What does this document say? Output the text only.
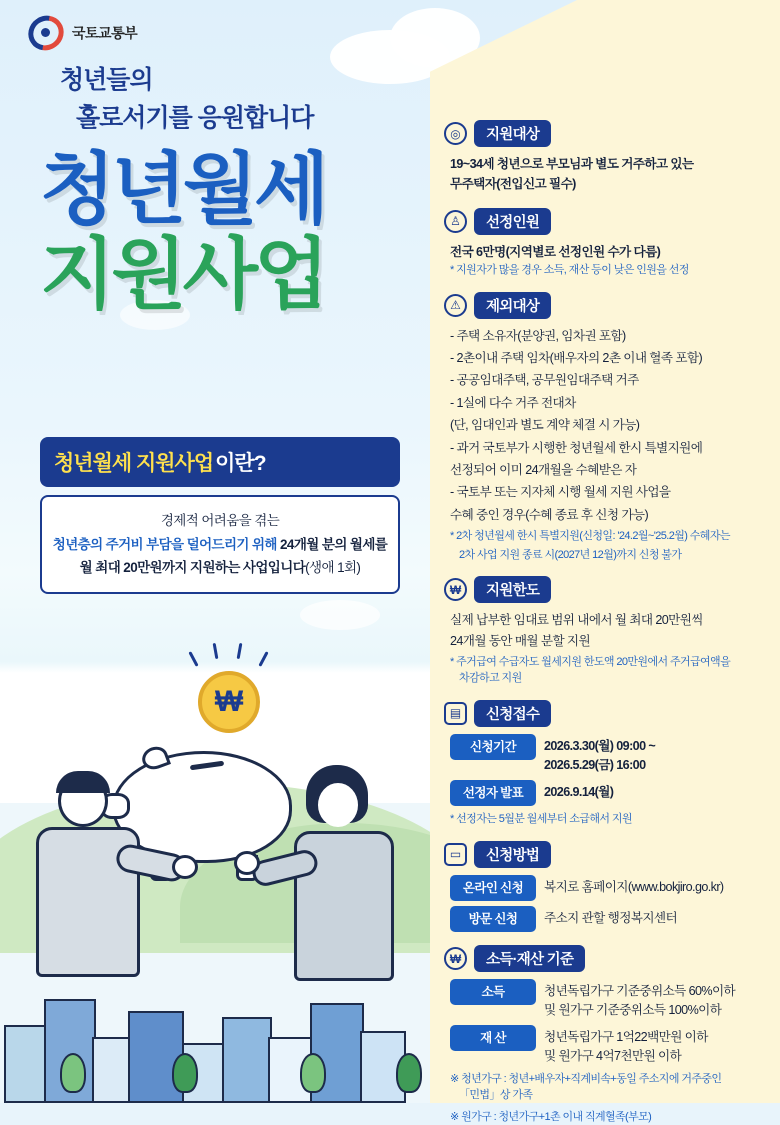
국토교통부
청년들의
홀로서기를 응원합니다
청년월세
지원사업
청년월세 지원사업 이란?
경제적 어려움을 겪는
청년층의 주거비 부담을 덜어드리기 위해 24개월 분의 월세를
월 최대 20만원까지 지원하는 사업입니다(생애 1회)
₩
◎	지원대상
19~34세 청년으로 부모님과 별도 거주하고 있는
무주택자(전입신고 필수)
♙	선정인원
전국 6만명(지역별로 선정인원 수가 다름)
* 지원자가 많을 경우 소득, 재산 등이 낮은 인원을 선정
⚠	제외대상
- 주택 소유자(분양권, 임차권 포함)
- 2촌이내 주택 임차(배우자의 2촌 이내 혈족 포함)
- 공공임대주택, 공무원임대주택 거주
- 1실에 다수 거주 전대차
(단, 임대인과 별도 계약 체결 시 가능)
- 과거 국토부가 시행한 청년월세 한시 특별지원에
선정되어 이미 24개월을 수혜받은 자
- 국토부 또는 지자체 시행 월세 지원 사업을
수혜 중인 경우(수혜 종료 후 신청 가능)
* 2차 청년월세 한시 특별지원(신청일: '24.2월~'25.2월) 수혜자는
2차 사업 지원 종료 시(2027년 12월)까지 신청 불가
₩	지원한도
실제 납부한 임대료 범위 내에서 월 최대 20만원씩
24개월 동안 매월 분할 지원
* 주거급여 수급자도 월세지원 한도액 20만원에서 주거급여액을
차감하고 지원
▤	신청접수
신청기간	2026.3.30(월) 09:00 ~
2026.5.29(금) 16:00
선정자 발표	2026.9.14(월)
* 선정자는 5월분 월세부터 소급해서 지원
▭	신청방법
온라인 신청	복지로 홈페이지(www.bokjiro.go.kr)
방문 신청	주소지 관할 행정복지센터
₩	소득·재산 기준
소득	청년독립가구 기준중위소득 60%이하
및 원가구 기준중위소득 100%이하
재 산	청년독립가구 1억22백만원 이하
및 원가구 4억7천만원 이하
※ 청년가구 : 청년+배우자+직계비속+동일 주소지에 거주중인
「민법」상 가족
※ 원가구 : 청년가구+1촌 이내 직계혈족(부모)
